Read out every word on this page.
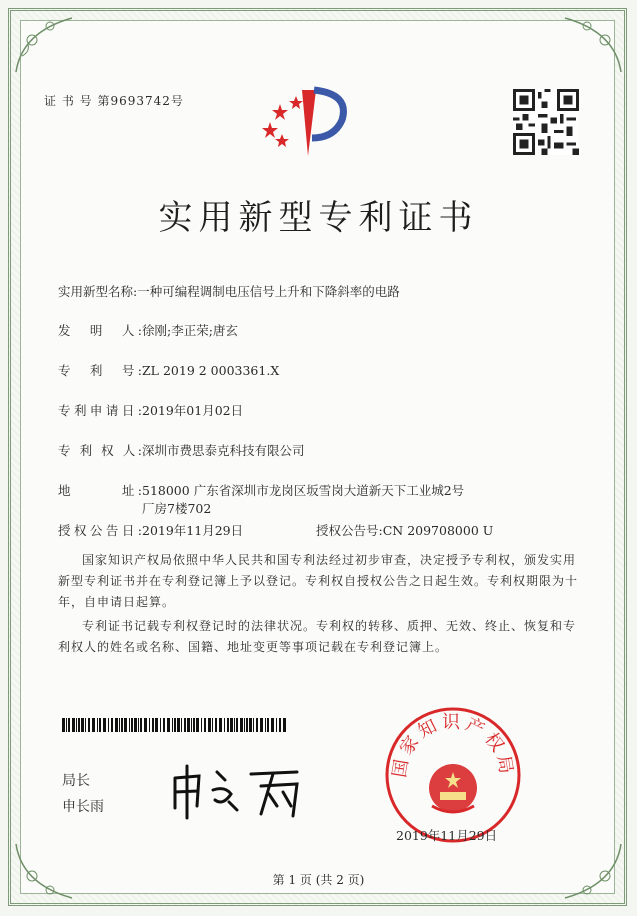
证 书 号 第9693742号
实用新型专利证书
实用新型名称:一种可编程调制电压信号上升和下降斜率的电路
发　明　人:徐刚;李正荣;唐玄
专　利　号:ZL 2019 2 0003361.X
专利申请日:2019年01月02日
专 利 权 人:深圳市费思泰克科技有限公司
地　　　址:518000 广东省深圳市龙岗区坂雪岗大道新天下工业城2号
厂房7楼702
授权公告日:2019年11月29日	授权公告号:CN 209708000 U
国家知识产权局依照中华人民共和国专利法经过初步审查，决定授予专利权，颁发实用新型专利证书并在专利登记簿上予以登记。专利权自授权公告之日起生效。专利权期限为十年，自申请日起算。
专利证书记载专利权登记时的法律状况。专利权的转移、质押、无效、终止、恢复和专利权人的姓名或名称、国籍、地址变更等事项记载在专利登记簿上。
局长
申长雨
国家知识产权局
2019年11月29日
第 1 页 (共 2 页)
